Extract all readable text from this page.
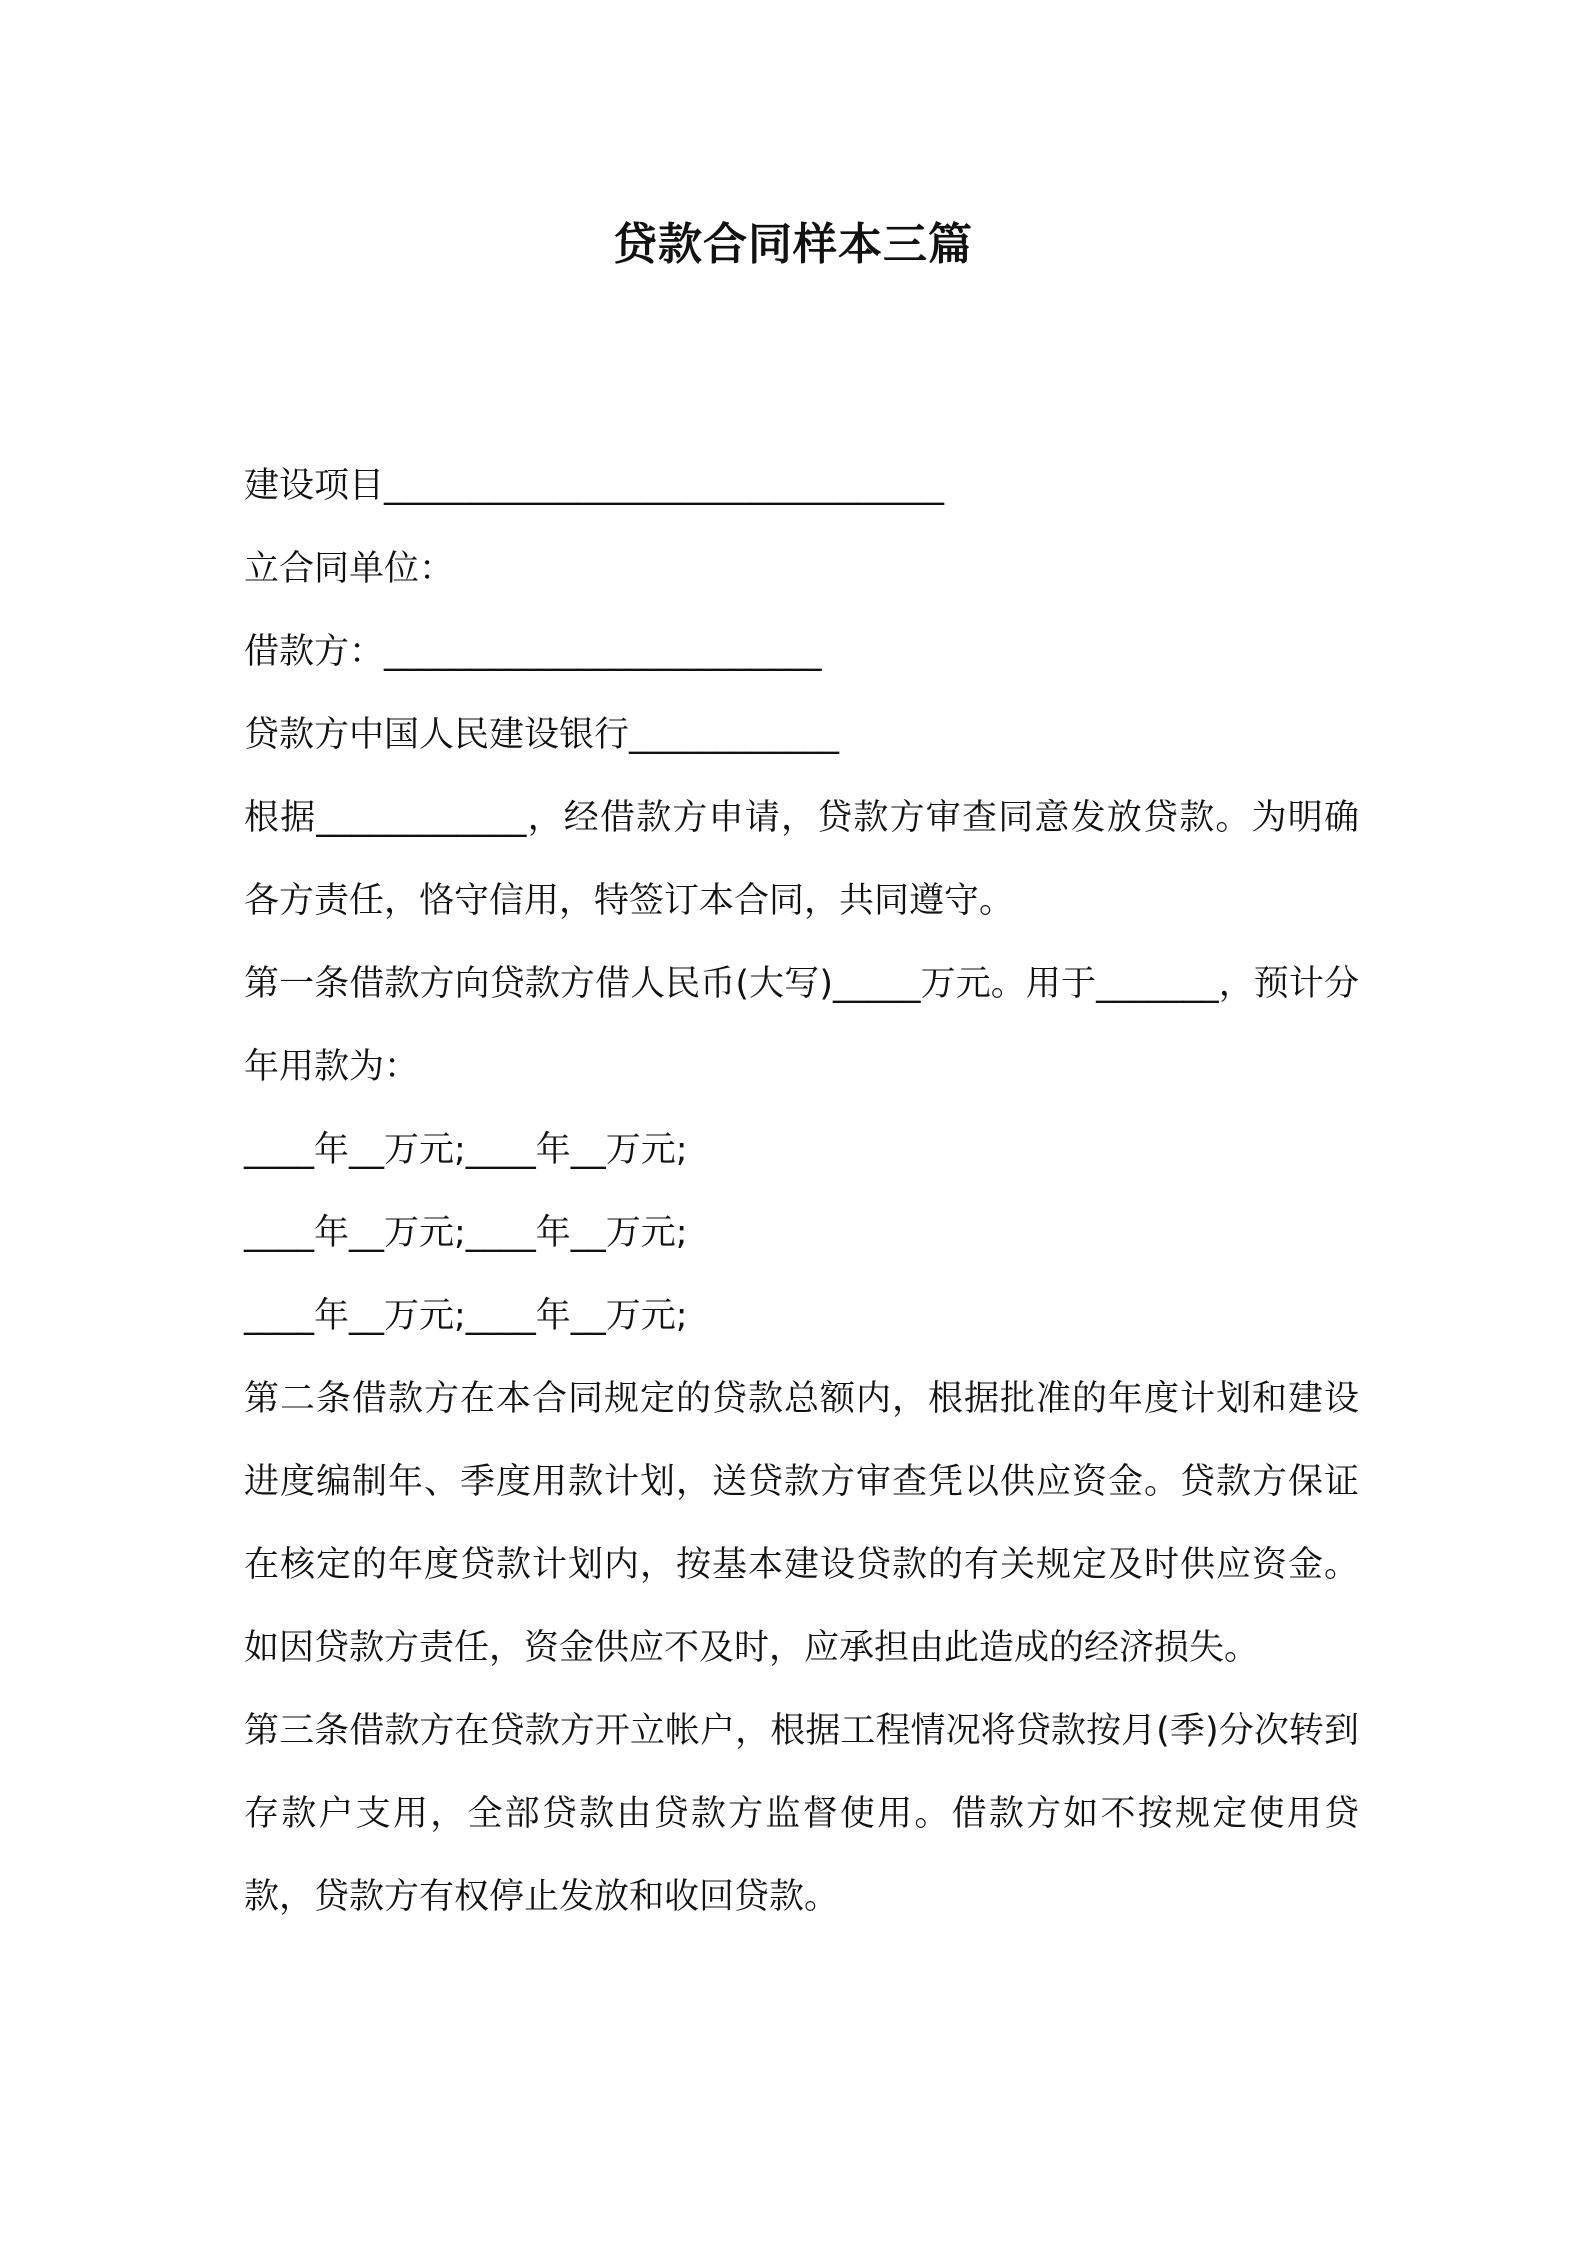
贷款合同样本三篇

建设项目________________________________

立合同单位：

借款方：_________________________

贷款方中国人民建设银行____________

根据____________，经借款方申请，贷款方审查同意发放贷款。为明确各方责任，恪守信用，特签订本合同，共同遵守。

第一条借款方向贷款方借人民币(大写)_____万元。用于_______，预计分年用款为：

____年__万元;____年__万元;

____年__万元;____年__万元;

____年__万元;____年__万元;

第二条借款方在本合同规定的贷款总额内，根据批准的年度计划和建设进度编制年、季度用款计划，送贷款方审查凭以供应资金。贷款方保证在核定的年度贷款计划内，按基本建设贷款的有关规定及时供应资金。如因贷款方责任，资金供应不及时，应承担由此造成的经济损失。

第三条借款方在贷款方开立帐户，根据工程情况将贷款按月(季)分次转到存款户支用，全部贷款由贷款方监督使用。借款方如不按规定使用贷款，贷款方有权停止发放和收回贷款。
